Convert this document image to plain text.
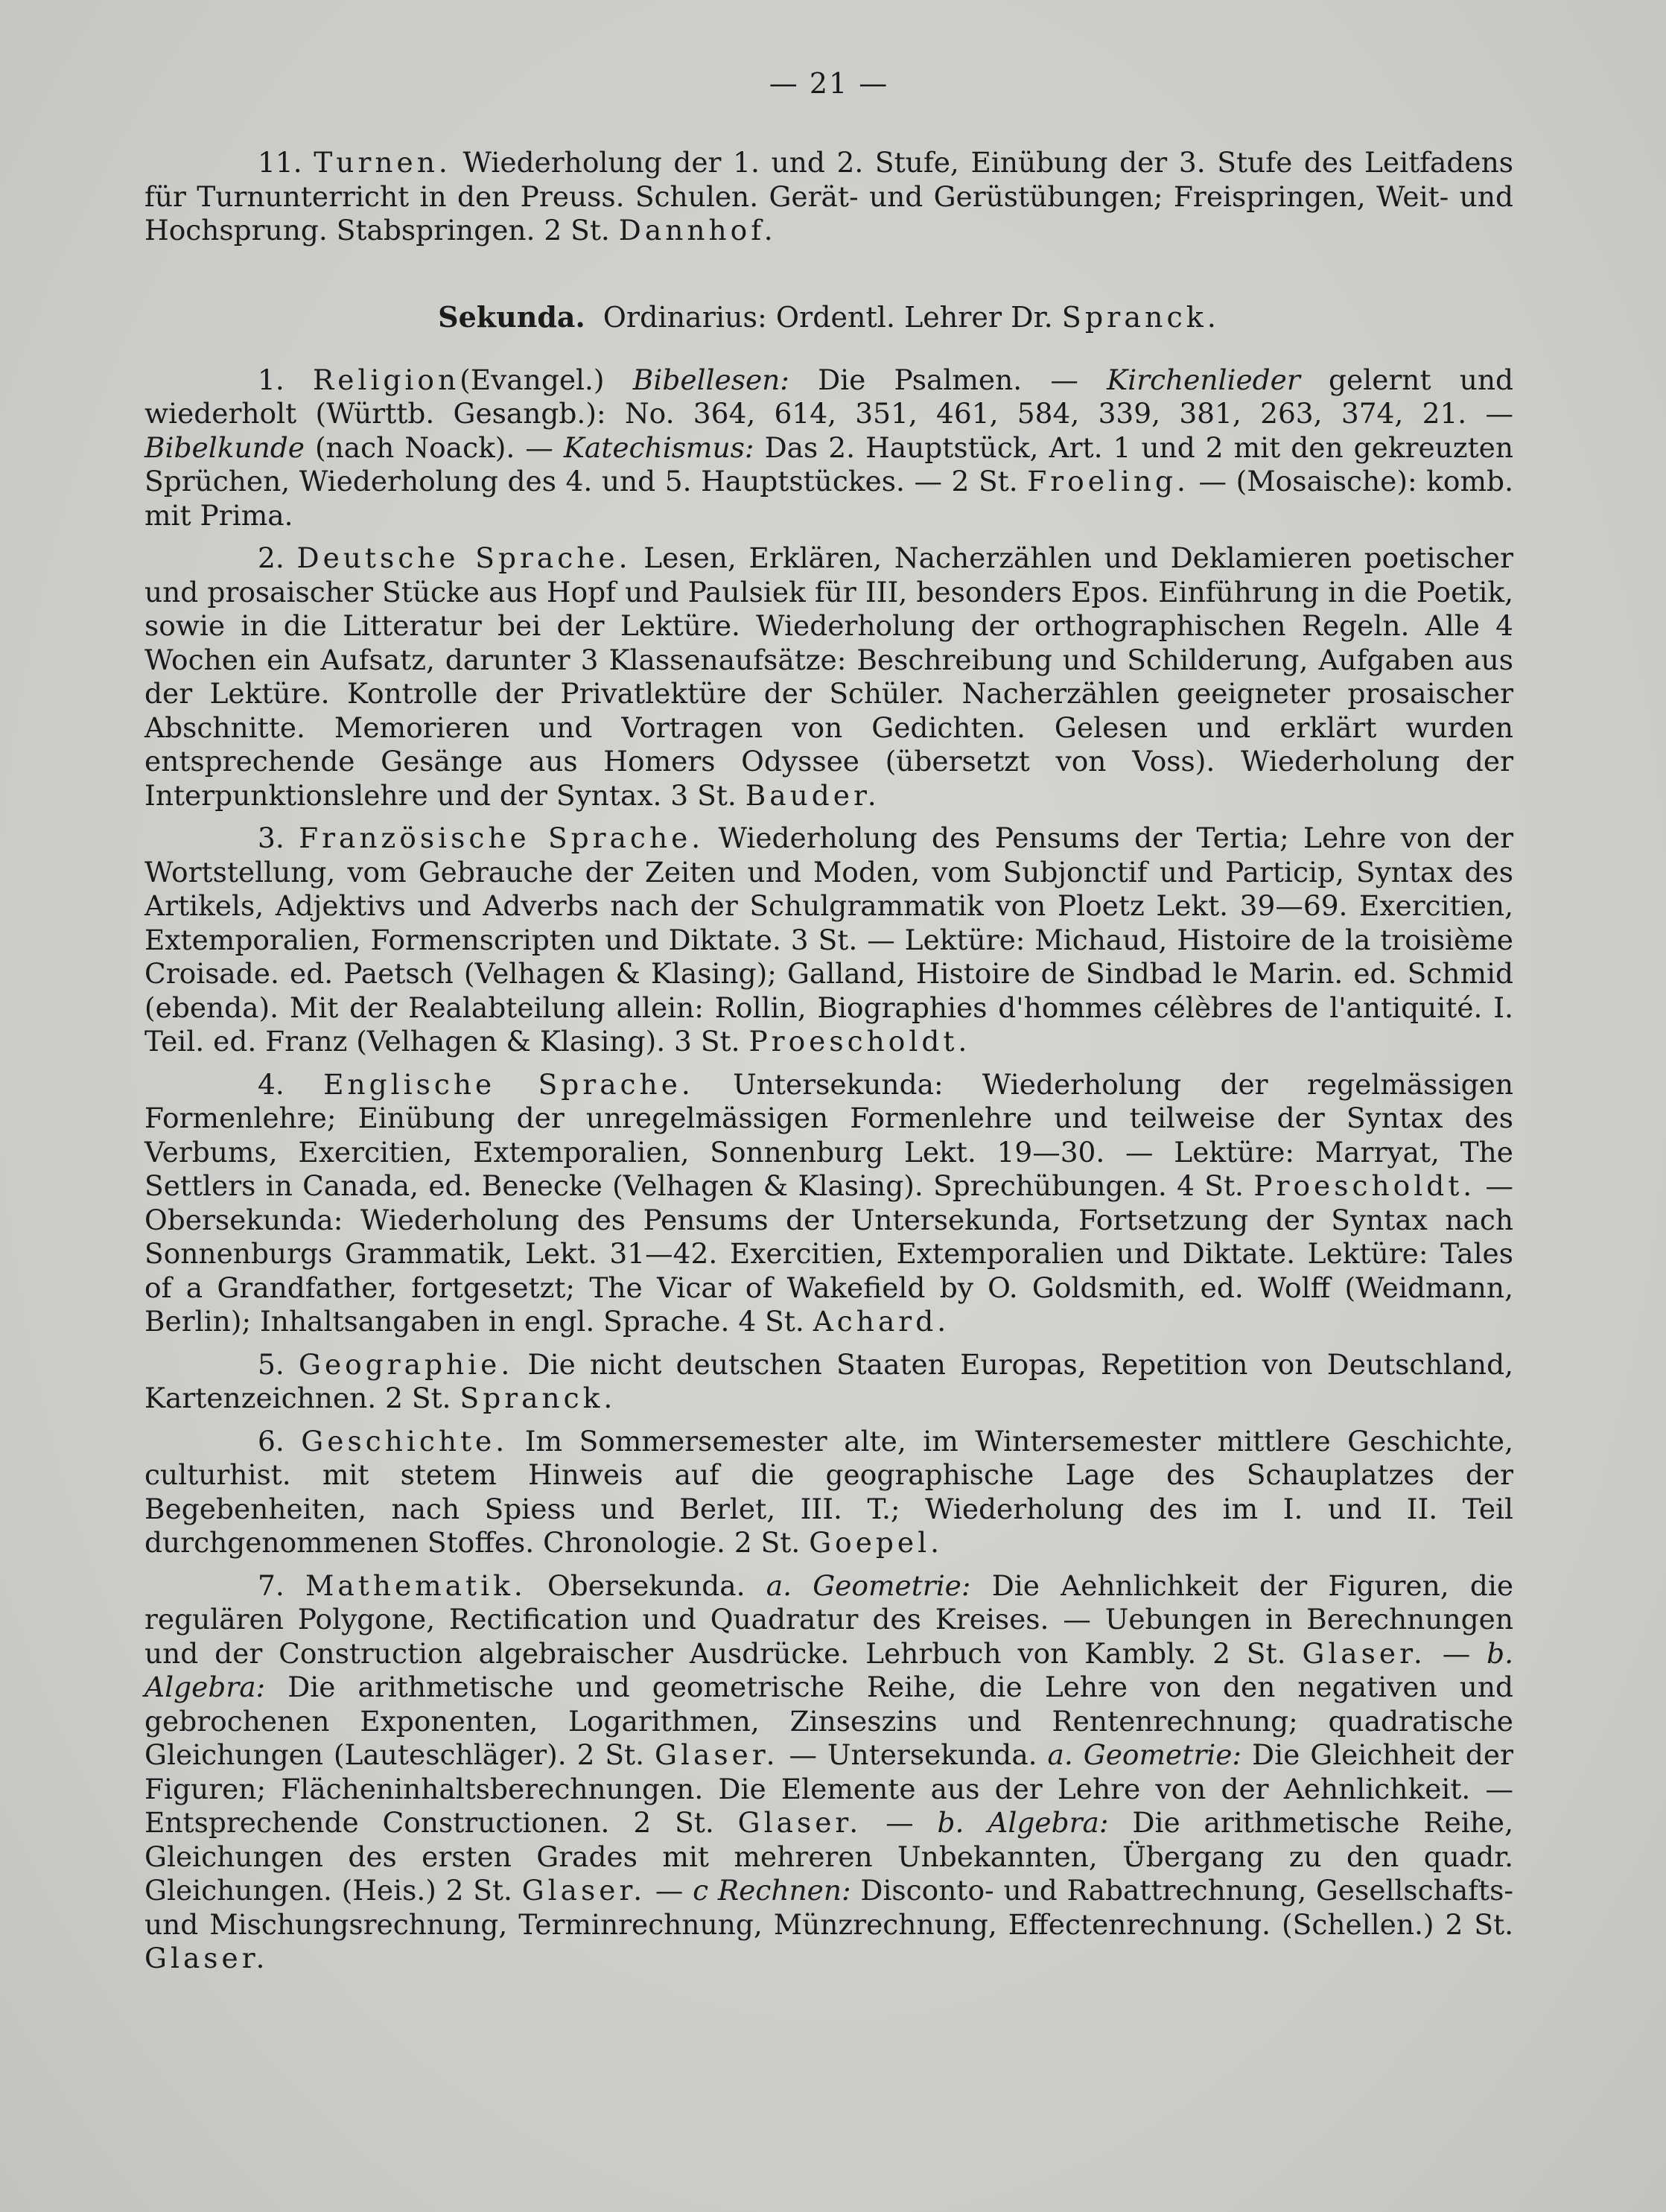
— 21 —

11. Turnen. Wiederholung der 1. und 2. Stufe, Einübung der 3. Stufe des Leitfadens für Turnunterricht in den Preuss. Schulen. Gerät- und Gerüstübungen; Freispringen, Weit- und Hochsprung. Stabspringen. 2 St. Dannhof.

Sekunda. Ordinarius: Ordentl. Lehrer Dr. Spranck.

1. Religion(Evangel.) Bibellesen: Die Psalmen. — Kirchenlieder gelernt und wiederholt (Württb. Gesangb.): No. 364, 614, 351, 461, 584, 339, 381, 263, 374, 21. — Bibelkunde (nach Noack). — Katechismus: Das 2. Hauptstück, Art. 1 und 2 mit den gekreuzten Sprüchen, Wiederholung des 4. und 5. Hauptstückes. — 2 St. Froeling. — (Mosaische): komb. mit Prima.

2. Deutsche Sprache. Lesen, Erklären, Nacherzählen und Deklamieren poetischer und prosaischer Stücke aus Hopf und Paulsiek für III, besonders Epos. Einführung in die Poetik, sowie in die Litteratur bei der Lektüre. Wiederholung der orthographischen Regeln. Alle 4 Wochen ein Aufsatz, darunter 3 Klassenaufsätze: Beschreibung und Schilderung, Aufgaben aus der Lektüre. Kontrolle der Privatlektüre der Schüler. Nacherzählen geeigneter prosaischer Abschnitte. Memorieren und Vortragen von Gedichten. Gelesen und erklärt wurden entsprechende Gesänge aus Homers Odyssee (übersetzt von Voss). Wiederholung der Interpunktionslehre und der Syntax. 3 St. Bauder.

3. Französische Sprache. Wiederholung des Pensums der Tertia; Lehre von der Wortstellung, vom Gebrauche der Zeiten und Moden, vom Subjonctif und Particip, Syntax des Artikels, Adjektivs und Adverbs nach der Schulgrammatik von Ploetz Lekt. 39—69. Exercitien, Extemporalien, Formenscripten und Diktate. 3 St. — Lektüre: Michaud, Histoire de la troisième Croisade. ed. Paetsch (Velhagen & Klasing); Galland, Histoire de Sindbad le Marin. ed. Schmid (ebenda). Mit der Realabteilung allein: Rollin, Biographies d'hommes célèbres de l'antiquité. I. Teil. ed. Franz (Velhagen & Klasing). 3 St. Proescholdt.

4. Englische Sprache. Untersekunda: Wiederholung der regelmässigen Formenlehre; Einübung der unregelmässigen Formenlehre und teilweise der Syntax des Verbums, Exercitien, Extemporalien, Sonnenburg Lekt. 19—30. — Lektüre: Marryat, The Settlers in Canada, ed. Benecke (Velhagen & Klasing). Sprechübungen. 4 St. Proescholdt. — Obersekunda: Wiederholung des Pensums der Untersekunda, Fortsetzung der Syntax nach Sonnenburgs Grammatik, Lekt. 31—42. Exercitien, Extemporalien und Diktate. Lektüre: Tales of a Grandfather, fortgesetzt; The Vicar of Wakefield by O. Goldsmith, ed. Wolff (Weidmann, Berlin); Inhaltsangaben in engl. Sprache. 4 St. Achard.

5. Geographie. Die nicht deutschen Staaten Europas, Repetition von Deutschland, Kartenzeichnen. 2 St. Spranck.

6. Geschichte. Im Sommersemester alte, im Wintersemester mittlere Geschichte, culturhist. mit stetem Hinweis auf die geographische Lage des Schauplatzes der Begebenheiten, nach Spiess und Berlet, III. T.; Wiederholung des im I. und II. Teil durchgenommenen Stoffes. Chronologie. 2 St. Goepel.

7. Mathematik. Obersekunda. a. Geometrie: Die Aehnlichkeit der Figuren, die regulären Polygone, Rectification und Quadratur des Kreises. — Uebungen in Berechnungen und der Construction algebraischer Ausdrücke. Lehrbuch von Kambly. 2 St. Glaser. — b. Algebra: Die arithmetische und geometrische Reihe, die Lehre von den negativen und gebrochenen Exponenten, Logarithmen, Zinseszins und Rentenrechnung; quadratische Gleichungen (Lauteschläger). 2 St. Glaser. — Untersekunda. a. Geometrie: Die Gleichheit der Figuren; Flächeninhaltsberechnungen. Die Elemente aus der Lehre von der Aehnlichkeit. — Entsprechende Constructionen. 2 St. Glaser. — b. Algebra: Die arithmetische Reihe, Gleichungen des ersten Grades mit mehreren Unbekannten, Übergang zu den quadr. Gleichungen. (Heis.) 2 St. Glaser. — c Rechnen: Disconto- und Rabattrechnung, Gesellschafts- und Mischungsrechnung, Terminrechnung, Münzrechnung, Effectenrechnung. (Schellen.) 2 St. Glaser.
